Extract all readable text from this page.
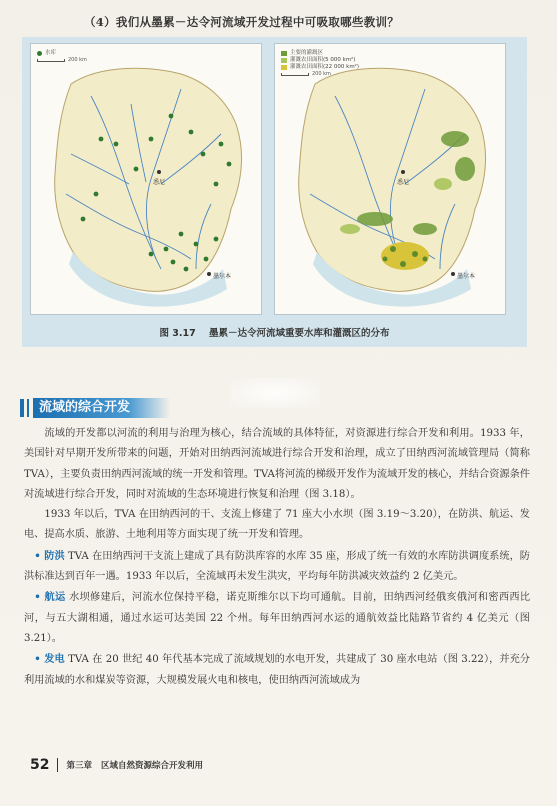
（4）我们从墨累－达令河流域开发过程中可吸取哪些教训？
水库
200 km
悉尼
墨尔本
主要的灌溉区
灌溉农田面积(5 000 km²)
灌溉农田面积(22 000 km²)
200 km
悉尼
墨尔本
图 3.17 墨累－达令河流域重要水库和灌溉区的分布
流域的综合开发

流域的开发都以河流的利用与治理为核心，结合流域的具体特征，对资源进行综合开发和利用。1933 年，美国针对早期开发所带来的问题，开始对田纳西河流域进行综合开发和治理，成立了田纳西河流域管理局（简称TVA），主要负责田纳西河流域的统一开发和管理。TVA将河流的梯级开发作为流域开发的核心，并结合资源条件对流域进行综合开发，同时对流域的生态环境进行恢复和治理（图 3.18）。

1933 年以后，TVA 在田纳西河的干、支流上修建了 71 座大小水坝（图 3.19～3.20），在防洪、航运、发电、提高水质、旅游、土地利用等方面实现了统一开发和管理。

• 防洪 TVA 在田纳西河干支流上建成了具有防洪库容的水库 35 座，形成了统一有效的水库防洪调度系统，防洪标准达到百年一遇。1933 年以后，全流域再未发生洪灾，平均每年防洪减灾效益约 2 亿美元。

• 航运 水坝修建后，河流水位保持平稳，诺克斯维尔以下均可通航。目前，田纳西河经俄亥俄河和密西西比河，与五大湖相通，通过水运可达美国 22 个州。每年田纳西河水运的通航效益比陆路节省约 4 亿美元（图 3.21）。

• 发电 TVA 在 20 世纪 40 年代基本完成了流域规划的水电开发，共建成了 30 座水电站（图 3.22），并充分利用流域的水和煤炭等资源，大规模发展火电和核电，使田纳西河流域成为

52 第三章 区域自然资源综合开发利用
